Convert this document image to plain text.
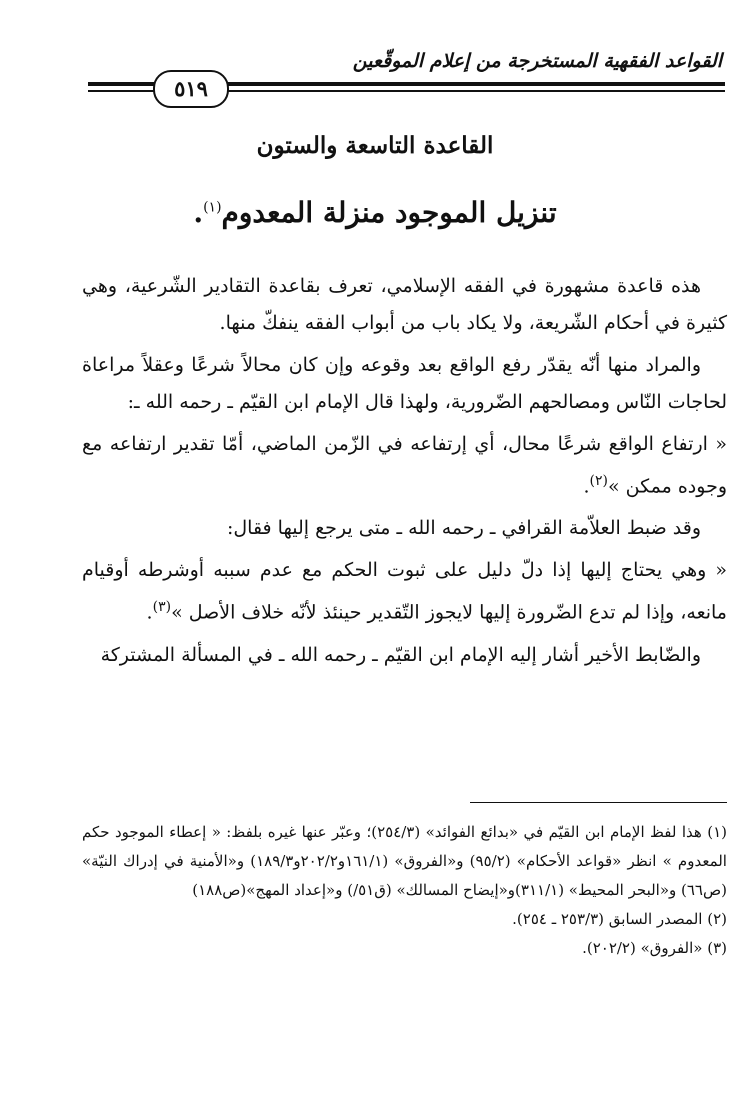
القواعد الفقهية المستخرجة من إعلام الموقّعين
٥١٩
القاعدة التاسعة والستون
تنزيل الموجود منزلة المعدوم$^{(١)}$.

هذه قاعدة مشهورة في الفقه الإسلامي، تعرف بقاعدة التقادير الشّرعية، وهي كثيرة في أحكام الشّريعة، ولا يكاد باب من أبواب الفقه ينفكّ منها.

والمراد منها أنّه يقدّر رفع الواقع بعد وقوعه وإن كان محالاً شرعًا وعقلاً مراعاة لحاجات النّاس ومصالحهم الضّرورية، ولهذا قال الإمام ابن القيّم ـ رحمه الله ـ:

« ارتفاع الواقع شرعًا محال، أي إرتفاعه في الزّمن الماضي، أمّا تقدير ارتفاعه مع وجوده ممكن »$^{(٢)}$.

وقد ضبط العلاّمة القرافي ـ رحمه الله ـ متى يرجع إليها فقال:

« وهي يحتاج إليها إذا دلّ دليل على ثبوت الحكم مع عدم سببه أوشرطه أوقيام مانعه، وإذا لم تدع الضّرورة إليها لايجوز التّقدير حينئذ لأنّه خلاف الأصل »$^{(٣)}$.

والضّابط الأخير أشار إليه الإمام ابن القيّم ـ رحمه الله ـ في المسألة المشتركة

(١) هذا لفظ الإمام ابن القيّم في «بدائع الفوائد» (٢٥٤/٣)؛ وعبّر عنها غيره بلفظ: « إعطاء الموجود حكم المعدوم » انظر «قواعد الأحكام» (٩٥/٢) و«الفروق» (١٦١/١و٢٠٢/٢و١٨٩/٣) و«الأمنية في إدراك النيّة» (ص٦٦) و«البحر المحيط» (٣١١/١)و«إيضاح المسالك» (ق٥١/) و«إعداد المهج»(ص١٨٨)

(٢) المصدر السابق (٢٥٣/٣ ـ ٢٥٤).

(٣) «الفروق» (٢٠٢/٢).
